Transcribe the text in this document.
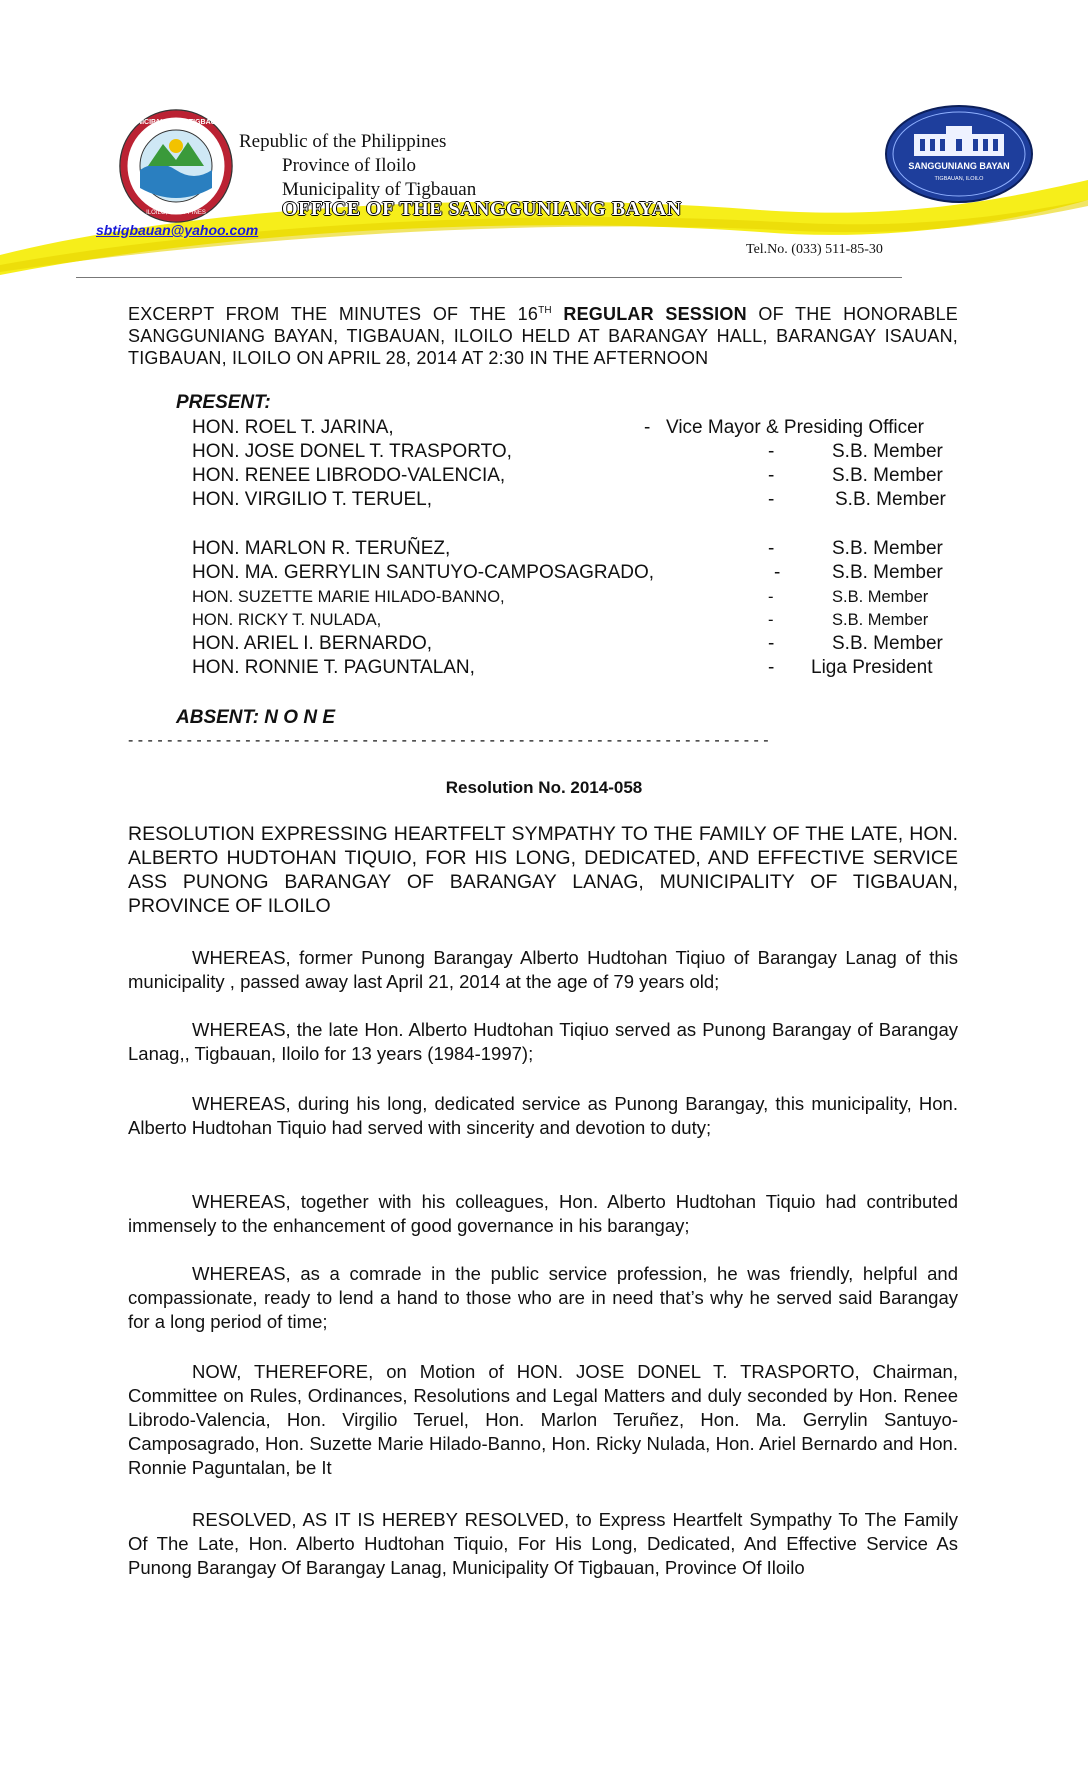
MUNICIPALITY OF TIGBAUAN
ILOILO, PHILIPPINES
SANGGUNIANG BAYAN
TIGBAUAN, ILOILO
Republic of the Philippines
Province of Iloilo
Municipality of Tigbauan
OFFICE OF THE SANGGUNIANG BAYAN
sbtigbauan@yahoo.com
Tel.No. (033) 511-85-30
EXCERPT FROM THE MINUTES OF THE 16TH REGULAR SESSION OF THE HONORABLE SANGGUNIANG BAYAN, TIGBAUAN, ILOILO HELD AT BARANGAY HALL, BARANGAY ISAUAN, TIGBAUAN, ILOILO ON APRIL 28, 2014 AT 2:30 IN THE AFTERNOON
PRESENT:
HON. ROEL T. JARINA,	- Vice Mayor & Presiding Officer
HON. JOSE DONEL T. TRASPORTO,	-	S.B. Member
HON. RENEE LIBRODO-VALENCIA,	-	S.B. Member
HON. VIRGILIO T. TERUEL,	-	S.B. Member
HON. MARLON R. TERUÑEZ,	-	S.B. Member
HON. MA. GERRYLIN SANTUYO-CAMPOSAGRADO,	-	S.B. Member
HON. SUZETTE MARIE HILADO-BANNO,	-	S.B. Member
HON. RICKY T. NULADA,	-	S.B. Member
HON. ARIEL I. BERNARDO,	-	S.B. Member
HON. RONNIE T. PAGUNTALAN,	- Liga President
ABSENT: N O N E
- - - - - - - - - - - - - - - - - - - - - - - - - - - - - - - - - - - - - - - - - - - - - - - - - - - - - - - - - - - - - - - - - -
Resolution No. 2014-058
RESOLUTION EXPRESSING HEARTFELT SYMPATHY TO THE FAMILY OF THE LATE, HON. ALBERTO HUDTOHAN TIQUIO, FOR HIS LONG, DEDICATED, AND EFFECTIVE SERVICE ASS PUNONG BARANGAY OF BARANGAY LANAG, MUNICIPALITY OF TIGBAUAN, PROVINCE OF ILOILO
WHEREAS, former Punong Barangay Alberto Hudtohan Tiqiuo of Barangay Lanag of this municipality , passed away last April 21, 2014 at the age of 79 years old;
WHEREAS, the late Hon. Alberto Hudtohan Tiqiuo served as Punong Barangay of Barangay Lanag,, Tigbauan, Iloilo for 13 years (1984-1997);
WHEREAS, during his long, dedicated service as Punong Barangay, this municipality, Hon. Alberto Hudtohan Tiquio had served with sincerity and devotion to duty;
WHEREAS, together with his colleagues, Hon. Alberto Hudtohan Tiquio had contributed immensely to the enhancement of good governance in his barangay;
WHEREAS, as a comrade in the public service profession, he was friendly, helpful and compassionate, ready to lend a hand to those who are in need that’s why he served said Barangay for a long period of time;
NOW, THEREFORE, on Motion of HON. JOSE DONEL T. TRASPORTO, Chairman, Committee on Rules, Ordinances, Resolutions and Legal Matters and duly seconded by Hon. Renee Librodo-Valencia, Hon. Virgilio Teruel, Hon. Marlon Teruñez, Hon. Ma. Gerrylin Santuyo-Camposagrado, Hon. Suzette Marie Hilado-Banno, Hon. Ricky Nulada, Hon. Ariel Bernardo and Hon. Ronnie Paguntalan, be It
RESOLVED, AS IT IS HEREBY RESOLVED, to Express Heartfelt Sympathy To The Family Of The Late, Hon. Alberto Hudtohan Tiquio, For His Long, Dedicated, And Effective Service As Punong Barangay Of Barangay Lanag, Municipality Of Tigbauan, Province Of Iloilo
